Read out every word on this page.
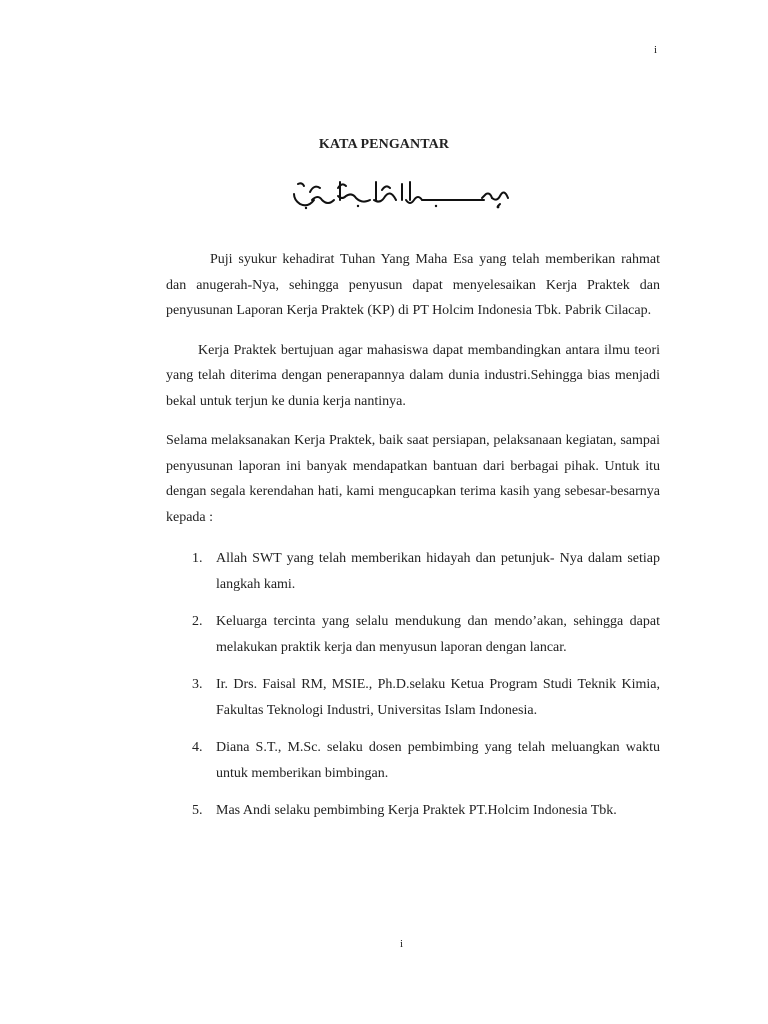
i
KATA PENGANTAR

Puji syukur kehadirat Tuhan Yang Maha Esa yang telah memberikan rahmat dan anugerah-Nya, sehingga penyusun dapat menyelesaikan Kerja Praktek dan penyusunan Laporan Kerja Praktek (KP) di PT Holcim Indonesia Tbk. Pabrik Cilacap.

Kerja Praktek bertujuan agar mahasiswa dapat membandingkan antara ilmu teori yang telah diterima dengan penerapannya dalam dunia industri.Sehingga bias menjadi bekal untuk terjun ke dunia kerja nantinya.

Selama melaksanakan Kerja Praktek, baik saat persiapan, pelaksanaan kegiatan, sampai penyusunan laporan ini banyak mendapatkan bantuan dari berbagai pihak. Untuk itu dengan segala kerendahan hati, kami mengucapkan terima kasih yang sebesar-besarnya kepada :

1. Allah SWT yang telah memberikan hidayah dan petunjuk- Nya dalam setiap langkah kami.
2. Keluarga tercinta yang selalu mendukung dan mendo’akan, sehingga dapat melakukan praktik kerja dan menyusun laporan dengan lancar.
3. Ir. Drs. Faisal RM, MSIE., Ph.D.selaku Ketua Program Studi Teknik Kimia, Fakultas Teknologi Industri, Universitas Islam Indonesia.
4. Diana S.T., M.Sc. selaku dosen pembimbing yang telah meluangkan waktu untuk memberikan bimbingan.
5. Mas Andi selaku pembimbing Kerja Praktek PT.Holcim Indonesia Tbk.
i
